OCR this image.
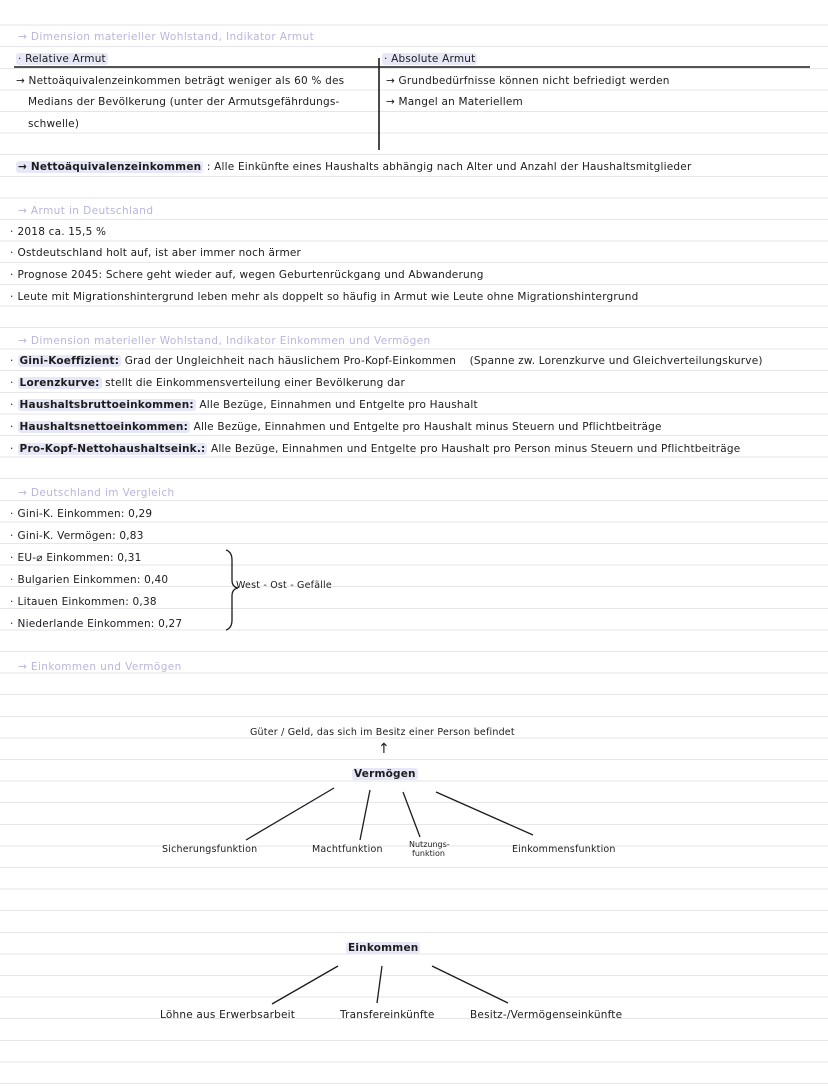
→ Dimension materieller Wohlstand, Indikator Armut
· Relative Armut	· Absolute Armut
→ Nettoäquivalenzeinkommen beträgt weniger als 60 % des
Medians der Bevölkerung (unter der Armutsgefährdungs-
schwelle)
→ Grundbedürfnisse können nicht befriedigt werden
→ Mangel an Materiellem
→ Nettoäquivalenzeinkommen : Alle Einkünfte eines Haushalts abhängig nach Alter und Anzahl der Haushaltsmitglieder
→ Armut in Deutschland
· 2018 ca. 15,5 %
· Ostdeutschland holt auf, ist aber immer noch ärmer
· Prognose 2045: Schere geht wieder auf, wegen Geburtenrückgang und Abwanderung
· Leute mit Migrationshintergrund leben mehr als doppelt so häufig in Armut wie Leute ohne Migrationshintergrund
→ Dimension materieller Wohlstand, Indikator Einkommen und Vermögen
· Gini-Koeffizient: Grad der Ungleichheit nach häuslichem Pro-Kopf-Einkommen (Spanne zw. Lorenzkurve und Gleichverteilungskurve)
· Lorenzkurve: stellt die Einkommensverteilung einer Bevölkerung dar
· Haushaltsbruttoeinkommen: Alle Bezüge, Einnahmen und Entgelte pro Haushalt
· Haushaltsnettoeinkommen: Alle Bezüge, Einnahmen und Entgelte pro Haushalt minus Steuern und Pflichtbeiträge
· Pro-Kopf-Nettohaushaltseink.: Alle Bezüge, Einnahmen und Entgelte pro Haushalt pro Person minus Steuern und Pflichtbeiträge
→ Deutschland im Vergleich
· Gini-K. Einkommen: 0,29
· Gini-K. Vermögen: 0,83
· EU-⌀ Einkommen: 0,31
· Bulgarien Einkommen: 0,40
· Litauen Einkommen: 0,38
· Niederlande Einkommen: 0,27
West - Ost - Gefälle
→ Einkommen und Vermögen
Güter / Geld, das sich im Besitz einer Person befindet
↑
Vermögen
Sicherungsfunktion	Machtfunktion	Nutzungs-
funktion	Einkommensfunktion
Einkommen
Löhne aus Erwerbsarbeit	Transfereinkünfte	Besitz-/Vermögenseinkünfte
